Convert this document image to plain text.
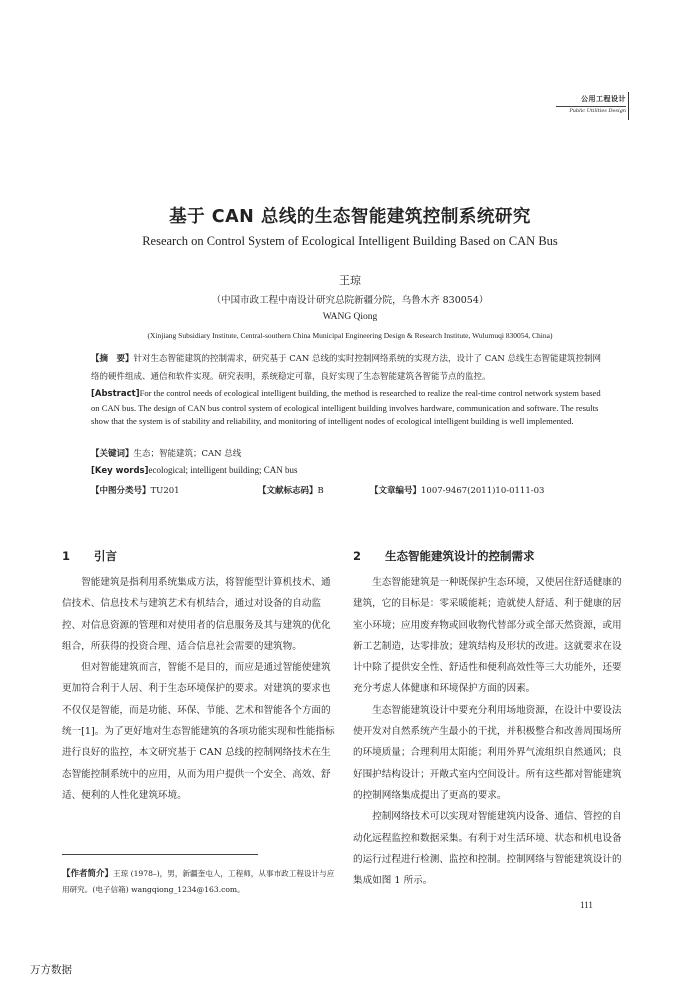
公用工程设计
Public Utilities Design
基于 CAN 总线的生态智能建筑控制系统研究
Research on Control System of Ecological Intelligent Building Based on CAN Bus
王琼
（中国市政工程中南设计研究总院新疆分院，乌鲁木齐 830054）
WANG Qiong
(Xinjiang Subsidiary Institute, Central-southern China Municipal Engineering Design & Research Institute, Wulumuqi 830054, China)
【摘　要】针对生态智能建筑的控制需求，研究基于 CAN 总线的实时控制网络系统的实现方法，设计了 CAN 总线生态智能建筑控制网络的硬件组成、通信和软件实现。研究表明，系统稳定可靠，良好实现了生态智能建筑各智能节点的监控。
[Abstract]For the control needs of ecological intelligent building, the method is researched to realize the real-time control network system based on CAN bus. The design of CAN bus control system of ecological intelligent building involves hardware, communication and software. The results show that the system is of stability and reliability, and monitoring of intelligent nodes of ecological intelligent building is well implemented.
【关键词】生态；智能建筑；CAN 总线
[Key words]ecological; intelligent building; CAN bus
【中图分类号】TU201	【文献标志码】B	【文章编号】1007-9467(2011)10-0111-03
1 引言

智能建筑是指利用系统集成方法，将智能型计算机技术、通信技术、信息技术与建筑艺术有机结合，通过对设备的自动监控、对信息资源的管理和对使用者的信息服务及其与建筑的优化组合，所获得的投资合理、适合信息社会需要的建筑物。

但对智能建筑而言，智能不是目的，而应是通过智能使建筑更加符合利于人居、利于生态环境保护的要求。对建筑的要求也不仅仅是智能，而是功能、环保、节能、艺术和智能各个方面的统一[1]。为了更好地对生态智能建筑的各项功能实现和性能指标进行良好的监控，本文研究基于 CAN 总线的控制网络技术在生态智能控制系统中的应用，从而为用户提供一个安全、高效、舒适、便利的人性化建筑环境。

2 生态智能建筑设计的控制需求

生态智能建筑是一种既保护生态环境，又使居住舒适健康的建筑，它的目标是：零采暖能耗；造就使人舒适、利于健康的居室小环境；应用废弃物或回收物代替部分或全部天然资源，或用新工艺制造，达零排放；建筑结构及形状的改进。这就要求在设计中除了提供安全性、舒适性和便利高效性等三大功能外，还要充分考虑人体健康和环境保护方面的因素。

生态智能建筑设计中要充分利用场地资源，在设计中要设法使开发对自然系统产生最小的干扰，并积极整合和改善周围场所的环境质量；合理利用太阳能；利用外界气流组织自然通风；良好围护结构设计；开敞式室内空间设计。所有这些都对智能建筑的控制网络集成提出了更高的要求。

控制网络技术可以实现对智能建筑内设备、通信、管控的自动化远程监控和数据采集。有利于对生活环境、状态和机电设备的运行过程进行检测、监控和控制。控制网络与智能建筑设计的集成如图 1 所示。

【作者简介】王琼 (1978–)，男，新疆奎屯人，工程师，从事市政工程设计与应用研究。(电子信箱) wangqiong_1234@163.com。
111
万方数据
